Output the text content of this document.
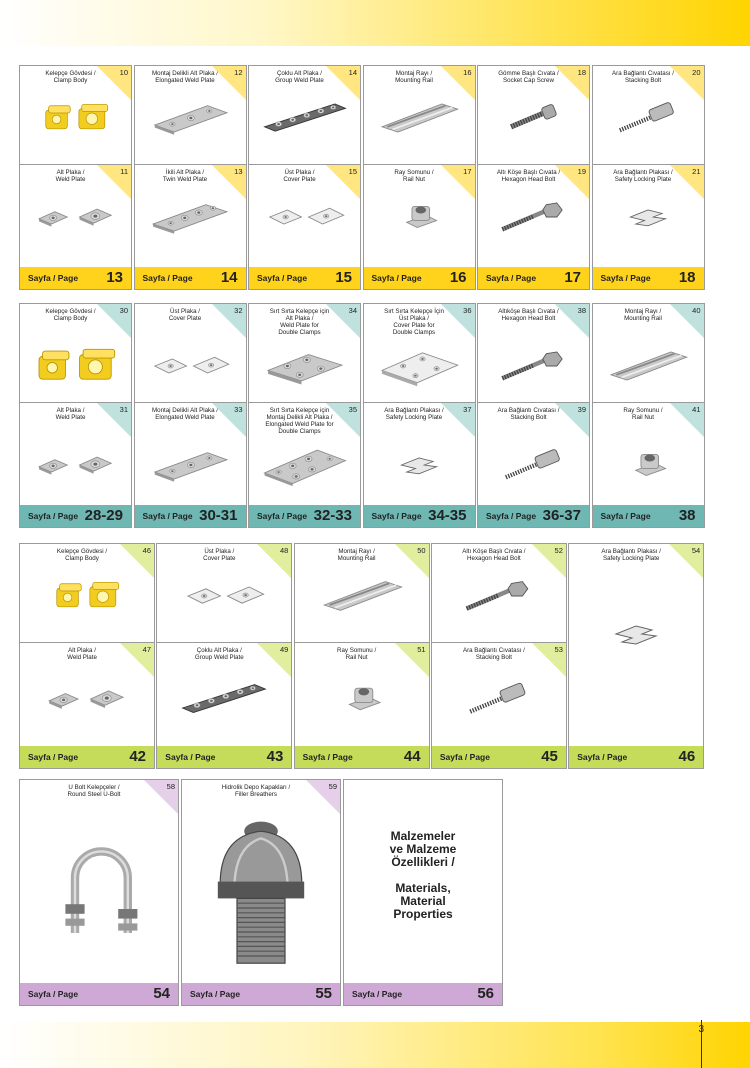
Kelepçe Gövdesi /
Clamp Body
10
Alt Plaka /
Weld Plate
11
Sayfa / Page 13
Montaj Delikli Alt Plaka /
Elongated Weld Plate
12
İkili Alt Plaka /
Twin Weld Plate
13
Sayfa / Page 14
Çoklu Alt Plaka /
Group Weld Plate
14
Üst Plaka /
Cover Plate
15
Sayfa / Page 15
Montaj Rayı /
Mounting Rail
16
Ray Somunu /
Rail Nut
17
Sayfa / Page 16
Gömme Başlı Cıvata /
Socket Cap Screw
18
Altı Köşe Başlı Cıvata /
Hexagon Head Bolt
19
Sayfa / Page 17
Ara Bağlantı Cıvatası /
Stacking Bolt
20
Ara Bağlantı Plakası /
Safety Locking Plate
21
Sayfa / Page 18
Kelepçe Gövdesi /
Clamp Body
30
Alt Plaka /
Weld Plate
31
Sayfa / Page 28-29
Üst Plaka /
Cover Plate
32
Montaj Delikli Alt Plaka /
Elongated Weld Plate
33
Sayfa / Page 30-31
Sırt Sırta Kelepçe için
Alt Plaka /
Weld Plate for
Double Clamps
34
Sırt Sırta Kelepçe için
Montaj Delikli Alt Plaka /
Elongated Weld Plate for
Double Clamps
35
Sayfa / Page 32-33
Sırt Sırta Kelepçe İçin
Üst Plaka /
Cover Plate for
Double Clamps
36
Ara Bağlantı Plakası /
Safety Locking Plate
37
Sayfa / Page 34-35
Altıköşe Başlı Cıvata /
Hexagon Head Bolt
38
Ara Bağlantı Cıvatası /
Stacking Bolt
39
Sayfa / Page 36-37
Montaj Rayı /
Mounting Rail
40
Ray Somunu /
Rail Nut
41
Sayfa / Page 38
Kelepçe Gövdesi /
Clamp Body
46
Alt Plaka /
Weld Plate
47
Sayfa / Page	42
Üst Plaka /
Cover Plate
48
Çoklu Alt Plaka /
Group Weld Plate
49
Sayfa / Page	43
Montaj Rayı /
Mounting Rail
50
Ray Somunu /
Rail Nut
51
Sayfa / Page	44
Altı Köşe Başlı Cıvata /
Hexagon Head Bolt
52
Ara Bağlantı Cıvatası /
Stacking Bolt
53
Sayfa / Page	45
Ara Bağlantı Plakası /
Safety Locking Plate
54
Sayfa / Page	46
U Bolt Kelepçeler /
Round Steel U-Bolt
58
Sayfa / Page	54
Hidrolik Depo Kapakları /
Filler Breathers
59
Sayfa / Page	55
Malzemeler
ve Malzeme
Özellikleri /

Materials,
Material
Properties
Sayfa / Page	56
3
